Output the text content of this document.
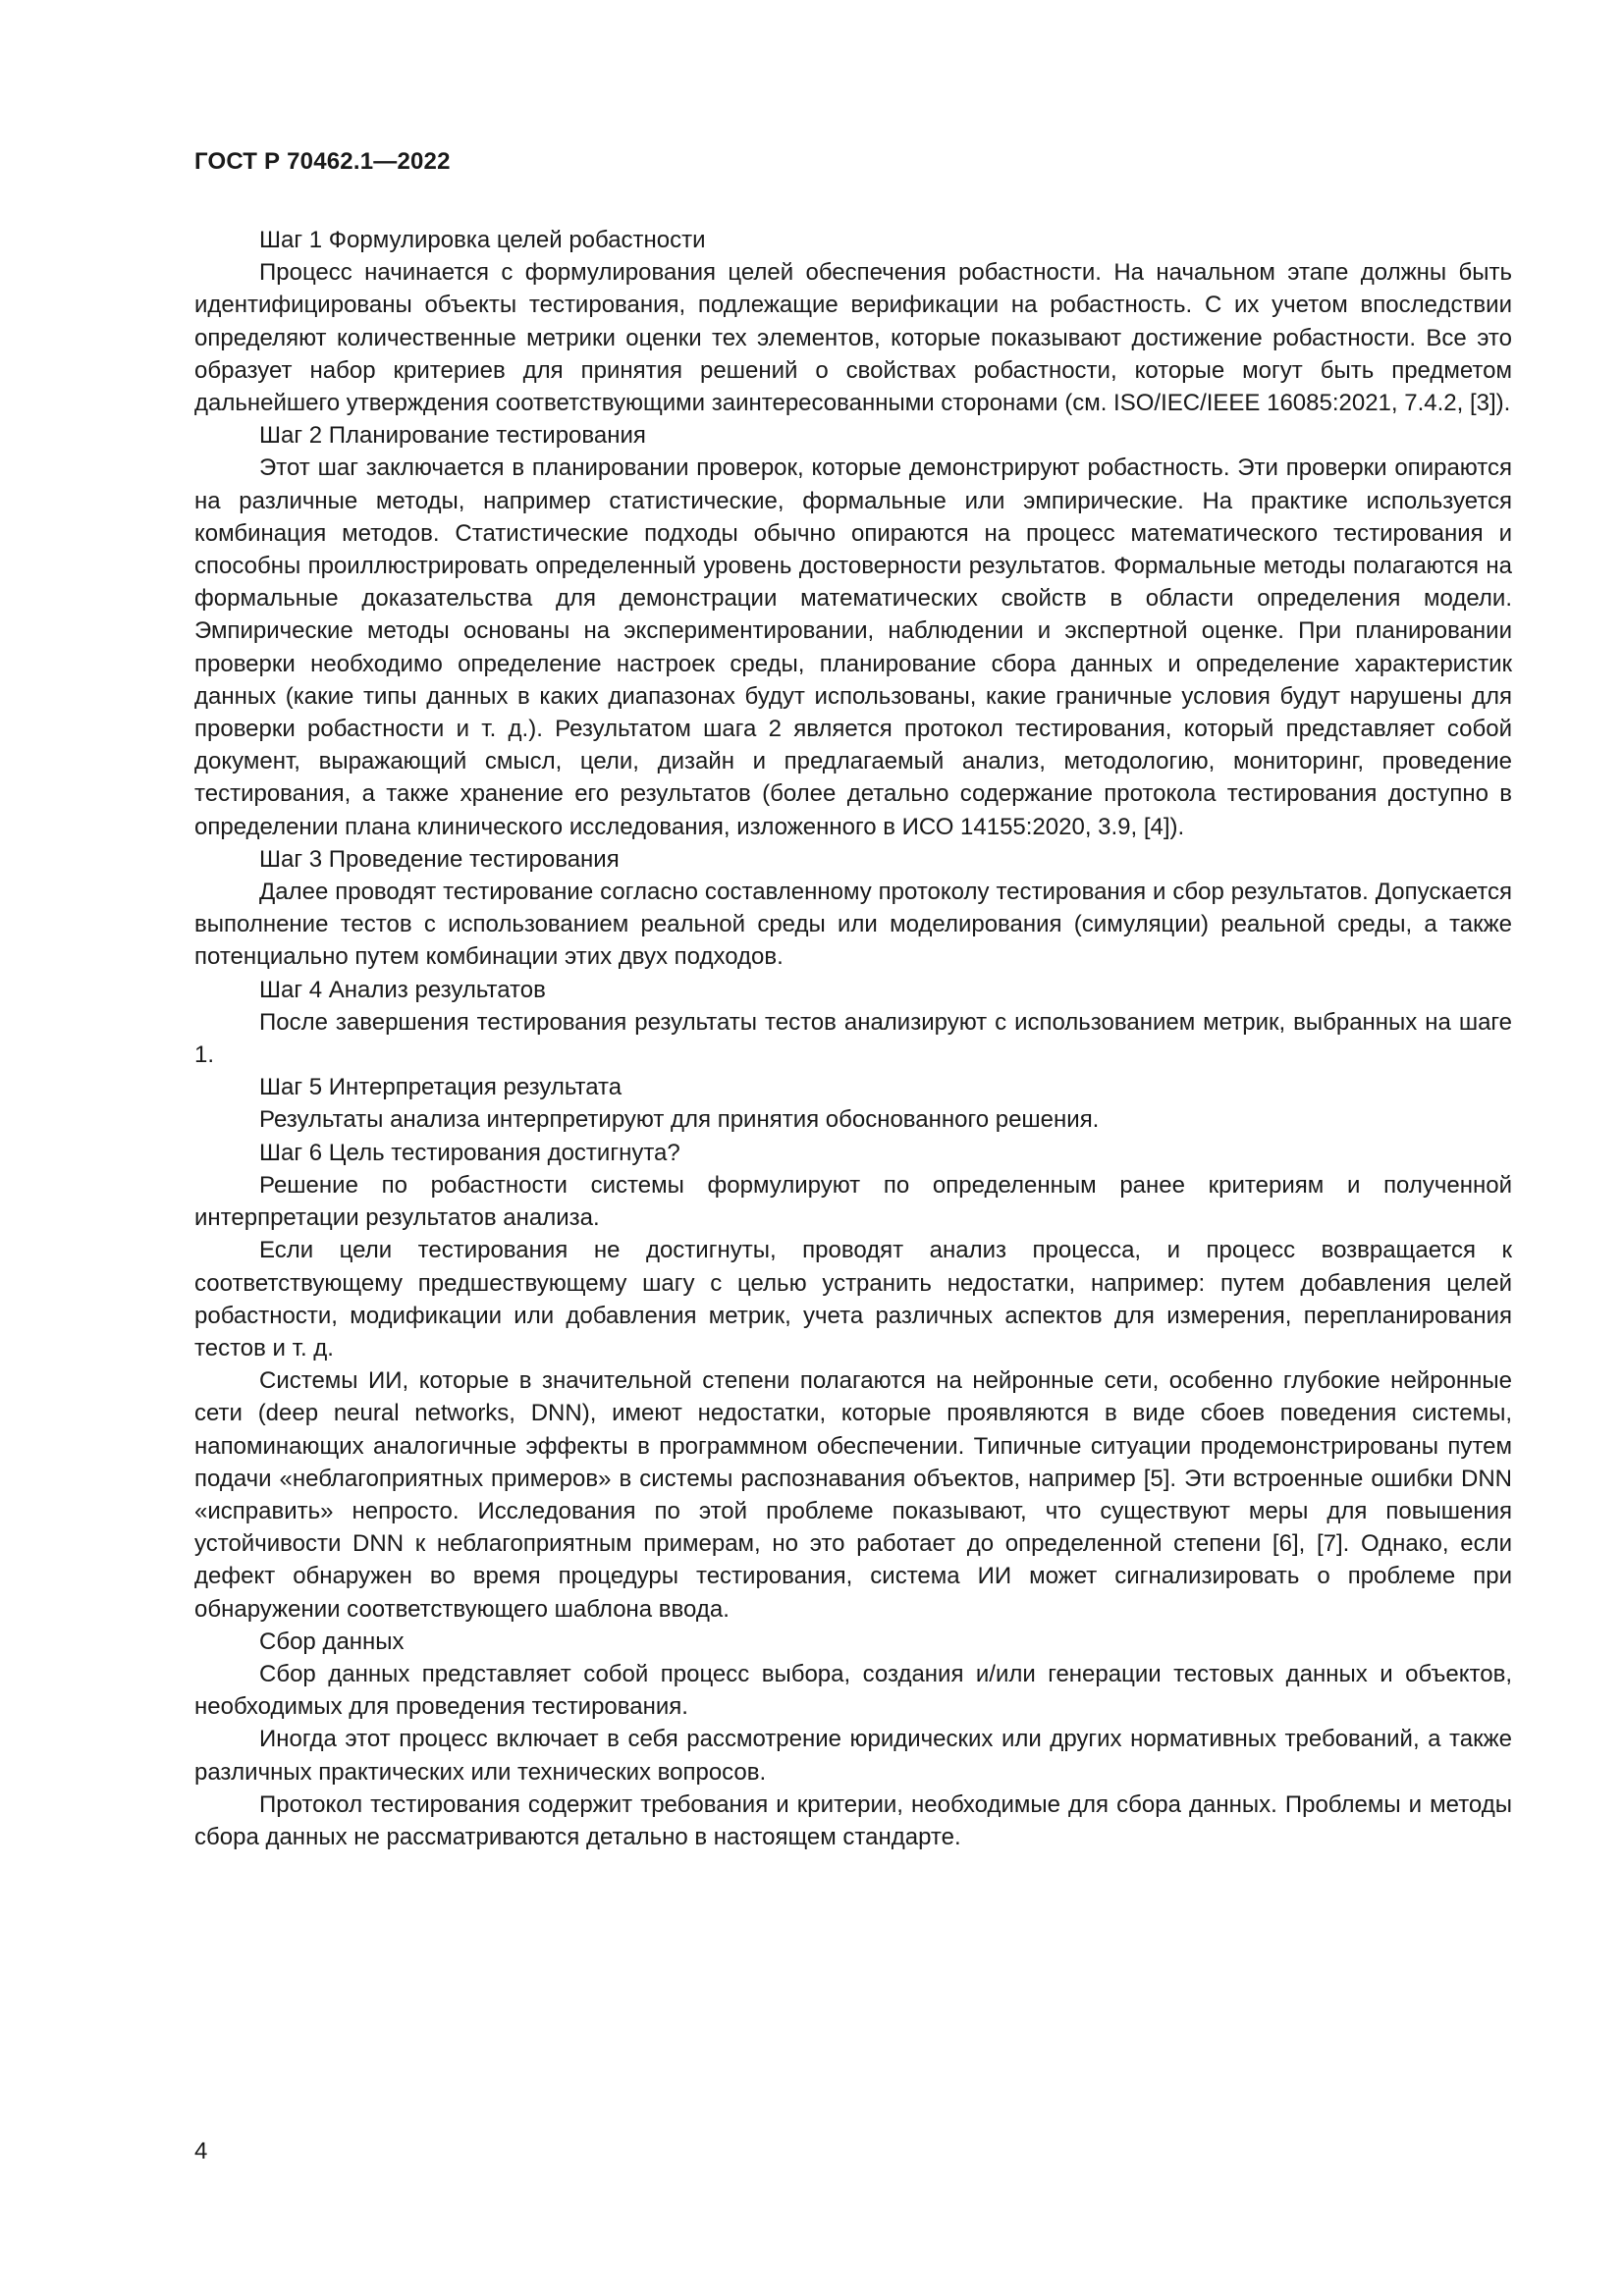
ГОСТ Р 70462.1—2022

Шаг 1 Формулировка целей робастности

Процесс начинается с формулирования целей обеспечения робастности. На начальном этапе должны быть идентифицированы объекты тестирования, подлежащие верификации на робастность. С их учетом впоследствии определяют количественные метрики оценки тех элементов, которые показывают достижение робастности. Все это образует набор критериев для принятия решений о свойствах робастности, которые могут быть предметом дальнейшего утверждения соответствующими заинтересованными сторонами (см. ISO/IEC/IEEE 16085:2021, 7.4.2, [3]).

Шаг 2 Планирование тестирования

Этот шаг заключается в планировании проверок, которые демонстрируют робастность. Эти проверки опираются на различные методы, например статистические, формальные или эмпирические. На практике используется комбинация методов. Статистические подходы обычно опираются на процесс математического тестирования и способны проиллюстрировать определенный уровень достоверности результатов. Формальные методы полагаются на формальные доказательства для демонстрации математических свойств в области определения модели. Эмпирические методы основаны на экспериментировании, наблюдении и экспертной оценке. При планировании проверки необходимо определение настроек среды, планирование сбора данных и определение характеристик данных (какие типы данных в каких диапазонах будут использованы, какие граничные условия будут нарушены для проверки робастности и т. д.). Результатом шага 2 является протокол тестирования, который представляет собой документ, выражающий смысл, цели, дизайн и предлагаемый анализ, методологию, мониторинг, проведение тестирования, а также хранение его результатов (более детально содержание протокола тестирования доступно в определении плана клинического исследования, изложенного в ИСО 14155:2020, 3.9, [4]).

Шаг 3 Проведение тестирования

Далее проводят тестирование согласно составленному протоколу тестирования и сбор результатов. Допускается выполнение тестов с использованием реальной среды или моделирования (симуляции) реальной среды, а также потенциально путем комбинации этих двух подходов.

Шаг 4 Анализ результатов

После завершения тестирования результаты тестов анализируют с использованием метрик, выбранных на шаге 1.

Шаг 5 Интерпретация результата

Результаты анализа интерпретируют для принятия обоснованного решения.

Шаг 6 Цель тестирования достигнута?

Решение по робастности системы формулируют по определенным ранее критериям и полученной интерпретации результатов анализа.

Если цели тестирования не достигнуты, проводят анализ процесса, и процесс возвращается к соответствующему предшествующему шагу с целью устранить недостатки, например: путем добавления целей робастности, модификации или добавления метрик, учета различных аспектов для измерения, перепланирования тестов и т. д.

Системы ИИ, которые в значительной степени полагаются на нейронные сети, особенно глубокие нейронные сети (deep neural networks, DNN), имеют недостатки, которые проявляются в виде сбоев поведения системы, напоминающих аналогичные эффекты в программном обеспечении. Типичные ситуации продемонстрированы путем подачи «неблагоприятных примеров» в системы распознавания объектов, например [5]. Эти встроенные ошибки DNN «исправить» непросто. Исследования по этой проблеме показывают, что существуют меры для повышения устойчивости DNN к неблагоприятным примерам, но это работает до определенной степени [6], [7]. Однако, если дефект обнаружен во время процедуры тестирования, система ИИ может сигнализировать о проблеме при обнаружении соответствующего шаблона ввода.

Сбор данных

Сбор данных представляет собой процесс выбора, создания и/или генерации тестовых данных и объектов, необходимых для проведения тестирования.

Иногда этот процесс включает в себя рассмотрение юридических или других нормативных требований, а также различных практических или технических вопросов.

Протокол тестирования содержит требования и критерии, необходимые для сбора данных. Проблемы и методы сбора данных не рассматриваются детально в настоящем стандарте.

4
